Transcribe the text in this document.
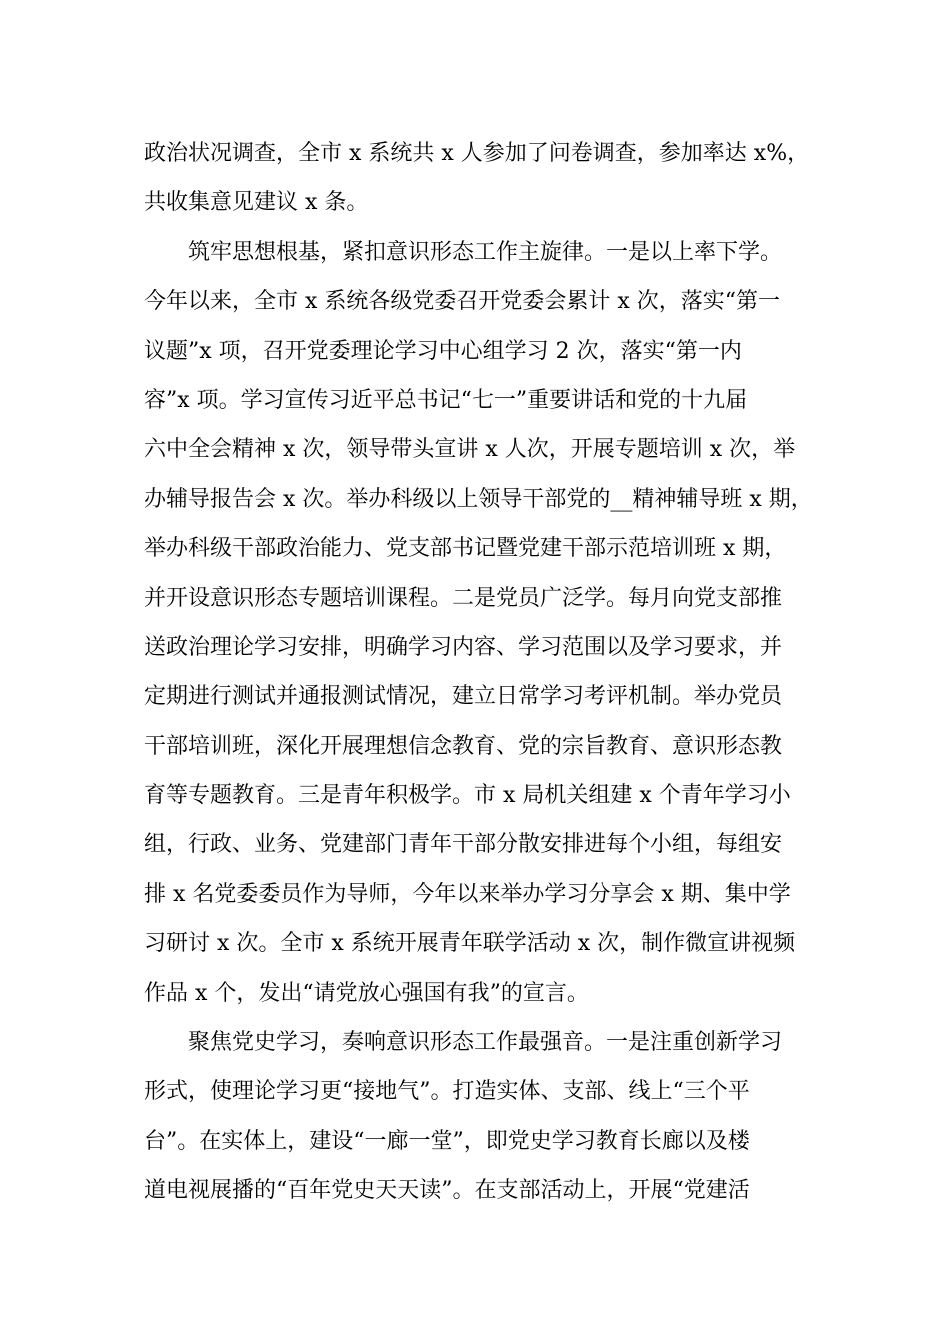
政治状况调查，全市 x 系统共 x 人参加了问卷调查，参加率达 x%，
共收集意见建议 x 条。
筑牢思想根基，紧扣意识形态工作主旋律。一是以上率下学。
今年以来，全市 x 系统各级党委召开党委会累计 x 次，落实“第一
议题”x 项，召开党委理论学习中心组学习 2 次，落实“第一内
容”x 项。学习宣传习近平总书记“七一”重要讲话和党的十九届
六中全会精神 x 次，领导带头宣讲 x 人次，开展专题培训 x 次，举
办辅导报告会 x 次。举办科级以上领导干部党的__精神辅导班 x 期，
举办科级干部政治能力、党支部书记暨党建干部示范培训班 x 期，
并开设意识形态专题培训课程。二是党员广泛学。每月向党支部推
送政治理论学习安排，明确学习内容、学习范围以及学习要求，并
定期进行测试并通报测试情况，建立日常学习考评机制。举办党员
干部培训班，深化开展理想信念教育、党的宗旨教育、意识形态教
育等专题教育。三是青年积极学。市 x 局机关组建 x 个青年学习小
组，行政、业务、党建部门青年干部分散安排进每个小组，每组安
排 x 名党委委员作为导师，今年以来举办学习分享会 x 期、集中学
习研讨 x 次。全市 x 系统开展青年联学活动 x 次，制作微宣讲视频
作品 x 个，发出“请党放心强国有我”的宣言。
聚焦党史学习，奏响意识形态工作最强音。一是注重创新学习
形式，使理论学习更“接地气”。打造实体、支部、线上“三个平
台”。在实体上，建设“一廊一堂”，即党史学习教育长廊以及楼
道电视展播的“百年党史天天读”。在支部活动上，开展“党建活
